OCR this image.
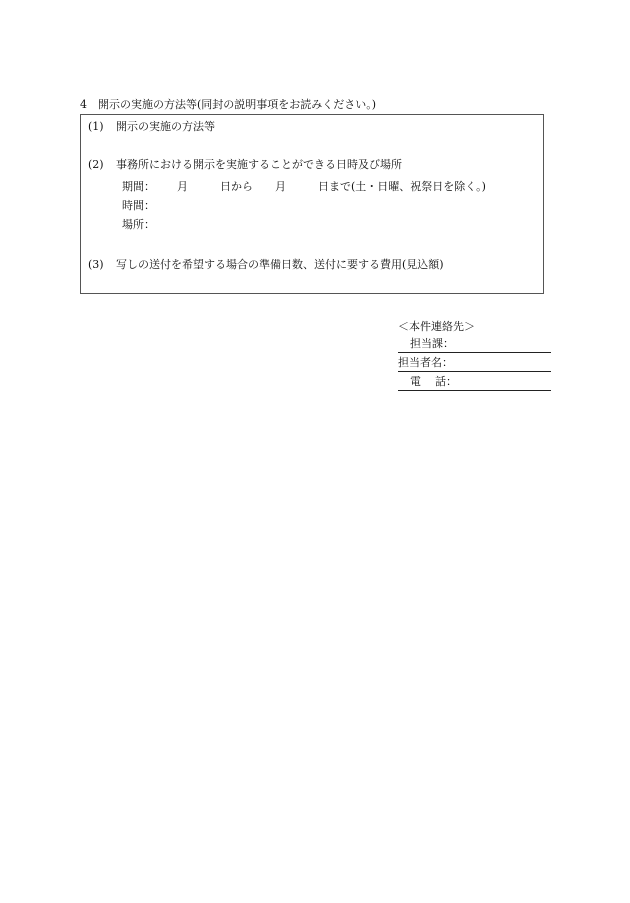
4　開示の実施の方法等(同封の説明事項をお読みください。)
(1) 開示の実施の方法等
(2) 事務所における開示を実施することができる日時及び場所
期間： 月	日から 月	日まで(土・日曜、祝祭日を除く。)
時間：
場所：
(3) 写しの送付を希望する場合の準備日数、送付に要する費用(見込額)
＜本件連絡先＞
担当課：
担当者名：
電 話：
